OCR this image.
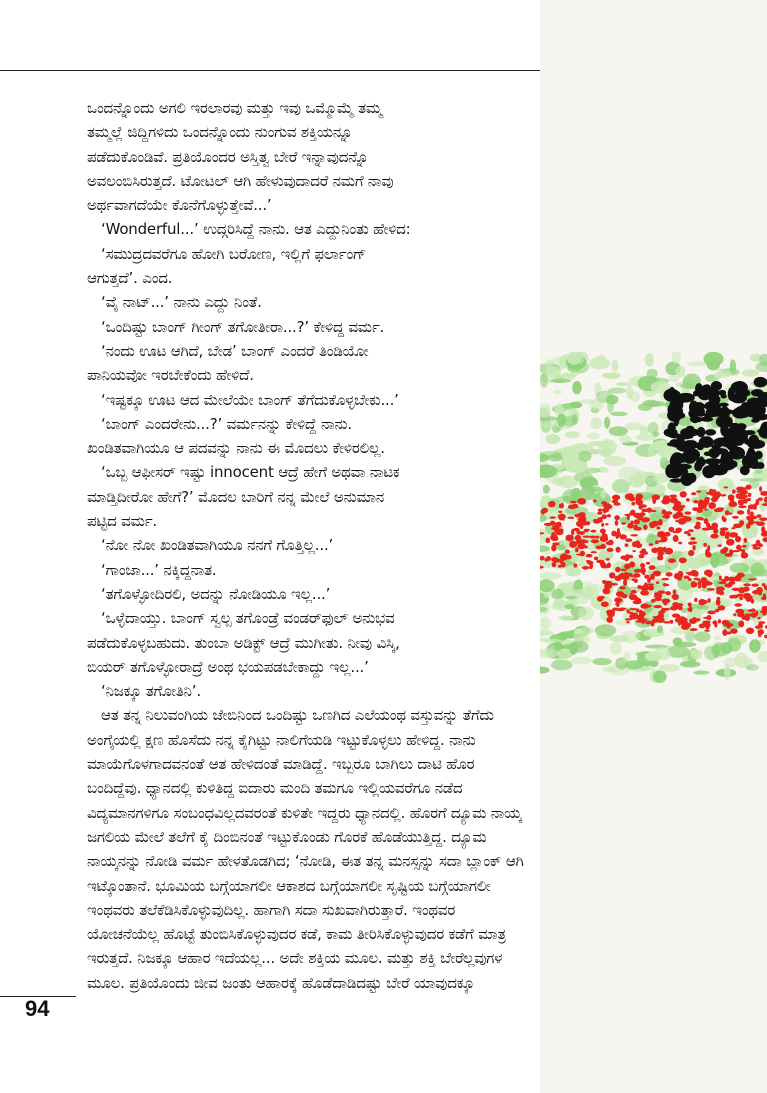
ಒಂದನ್ನೊಂದು ಅಗಲಿ ಇರಲಾರವು ಮತ್ತು ಇವು ಒಮ್ಮೊಮ್ಮೆ ತಮ್ಮ
ತಮ್ಮಲ್ಲೆ ಜಿದ್ದಿಗಳಿದು ಒಂದನ್ನೊಂದು ನುಂಗುವ ಶಕ್ತಿಯನ್ನೂ
ಪಡೆದುಕೊಂಡಿವೆ. ಪ್ರತಿಯೊಂದರ ಅಸ್ತಿತ್ವ ಬೇರೆ ಇನ್ನಾವುದನ್ನೊ
ಅವಲಂಬಿಸಿರುತ್ತದೆ. ಟೋಟಲ್ ಆಗಿ ಹೇಳುವುದಾದರೆ ನಮಗೆ ನಾವು
ಅರ್ಥವಾಗದೆಯೇ ಕೊನೆಗೊಳ್ಳುತ್ತೇವೆ...’
‘Wonderful...’ ಉದ್ಗರಿಸಿದ್ದೆ ನಾನು. ಆತ ಎದ್ದುನಿಂತು ಹೇಳಿದ:
‘ಸಮುದ್ರದವರೆಗೂ ಹೋಗಿ ಬರೋಣ, ಇಲ್ಲಿಗೆ ಫರ್ಲಾಂಗ್
ಆಗುತ್ತದೆ’. ಎಂದ.
‘ವೈ ನಾಟ್...’ ನಾನು ಎದ್ದು ನಿಂತೆ.
‘ಒಂದಿಷ್ಟು ಬಾಂಗ್ ಗೀಂಗ್ ತಗೋತೀರಾ...?’ ಕೇಳಿದ್ದ ವರ್ಮ.
‘ನಂದು ಊಟ ಆಗಿದೆ, ಬೇಡ’ ಬಾಂಗ್ ಎಂದರೆ ತಿಂಡಿಯೋ
ಪಾನಿಯವೋ ಇರಬೇಕೆಂದು ಹೇಳಿದೆ.
‘ಇಷ್ಟಕ್ಕೂ ಊಟ ಆದ ಮೇಲೆಯೇ ಬಾಂಗ್ ತೆಗೆದುಕೊಳ್ಳಬೇಕು...’
‘ಬಾಂಗ್ ಎಂದರೇನು...?’ ವರ್ಮನನ್ನು ಕೇಳಿದ್ದೆ ನಾನು.
ಖಂಡಿತವಾಗಿಯೂ ಆ ಪದವನ್ನು ನಾನು ಈ ಮೊದಲು ಕೇಳಿರಲಿಲ್ಲ.
‘ಒಬ್ಬ ಆಫೀಸರ್ ಇಷ್ಟು innocent ಆದ್ರೆ ಹೇಗೆ ಅಥವಾ ನಾಟಕ
ಮಾಡ್ತಿದೀರೋ ಹೇಗೆ?’ ಮೊದಲ ಬಾರಿಗೆ ನನ್ನ ಮೇಲೆ ಅನುಮಾನ
ಪಟ್ಟಿದ ವರ್ಮ.
‘ನೋ ನೋ ಖಂಡಿತವಾಗಿಯೂ ನನಗೆ ಗೊತ್ತಿಲ್ಲ...’
‘ಗಾಂಜಾ...’ ನಕ್ಕಿದ್ದನಾತ.
‘ತಗೊಳ್ಳೋದಿರಲಿ, ಅದನ್ನು ನೋಡಿಯೂ ಇಲ್ಲ...’
‘ಒಳ್ಳೆದಾಯ್ತು. ಬಾಂಗ್ ಸ್ವಲ್ಪ ತಗೊಂಡ್ರೆ ವಂಡರ್‌ಫುಲ್ ಅನುಭವ
ಪಡೆದುಕೊಳ್ಳಬಹುದು. ತುಂಬಾ ಅಡಿಕ್ಟ್ ಆದ್ರೆ ಮುಗೀತು. ನೀವು ವಿಸ್ಕಿ,
ಬಿಯರ್ ತಗೊಳ್ಳೋರಾದ್ರೆ ಅಂಥ ಭಯಪಡಬೇಕಾದ್ದು ಇಲ್ಲ...’
‘ನಿಜಕ್ಕೂ ತಗೋತಿನಿ’.
ಆತ ತನ್ನ ನಿಲುವಂಗಿಯ ಜೇಬಿನಿಂದ ಒಂದಿಷ್ಟು ಒಣಗಿದ ಎಲೆಯಂಥ ವಸ್ತುವನ್ನು ತೆಗೆದು
ಅಂಗೈಯಲ್ಲಿ ಕ್ಷಣ ಹೊಸೆದು ನನ್ನ ಕೈಗಿಟ್ಟು ನಾಲಿಗೆಯಡಿ ಇಟ್ಟುಕೊಳ್ಳಲು ಹೇಳಿದ್ದ. ನಾನು
ಮಾಯೆಗೊಳಗಾದವನಂತೆ ಆತ ಹೇಳಿದಂತೆ ಮಾಡಿದ್ದೆ. ಇಬ್ಬರೂ ಬಾಗಿಲು ದಾಟಿ ಹೊರ
ಬಂದಿದ್ದೆವು. ಧ್ಯಾನದಲ್ಲಿ ಕುಳಿತಿದ್ದ ಐದಾರು ಮಂದಿ ತಮಗೂ ಇಲ್ಲಿಯವರೆಗೂ ನಡೆದ
ವಿದ್ಯಮಾನಗಳಿಗೂ ಸಂಬಂಧವಿಲ್ಲದವರಂತೆ ಕುಳಿತೇ ಇದ್ದರು ಧ್ಯಾನದಲ್ಲಿ. ಹೊರಗೆ ದ್ಯೂಮ ನಾಯ್ಕ
ಜಗಲಿಯ ಮೇಲೆ ತಲೆಗೆ ಕೈ ದಿಂಬಿನಂತೆ ಇಟ್ಟುಕೊಂಡು ಗೊರಕೆ ಹೊಡೆಯುತ್ತಿದ್ದ. ದ್ಯೂಮ
ನಾಯ್ಕನನ್ನು ನೋಡಿ ವರ್ಮ ಹೇಳತೊಡಗಿದ; ‘ನೋಡಿ, ಈತ ತನ್ನ ಮನಸ್ಸನ್ನು ಸದಾ ಬ್ಲಾಂಕ್ ಆಗಿ
ಇಟ್ಕೊಂತಾನೆ. ಭೂಮಿಯ ಬಗ್ಗೆಯಾಗಲೀ ಆಕಾಶದ ಬಗ್ಗೆಯಾಗಲೀ ಸೃಷ್ಟಿಯ ಬಗ್ಗೆಯಾಗಲೀ
ಇಂಥವರು ತಲೆಕೆಡಿಸಿಕೊಳ್ಳುವುದಿಲ್ಲ. ಹಾಗಾಗಿ ಸದಾ ಸುಖವಾಗಿರುತ್ತಾರೆ. ಇಂಥವರ
ಯೋಚನೆಯೆಲ್ಲ ಹೊಟ್ಟೆ ತುಂಬಿಸಿಕೊಳ್ಳುವುದರ ಕಡೆ, ಕಾಮ ತೀರಿಸಿಕೊಳ್ಳುವುದರ ಕಡೆಗೆ ಮಾತ್ರ
ಇರುತ್ತದೆ. ನಿಜಕ್ಕೂ ಆಹಾರ ಇದೆಯಲ್ಲ... ಅದೇ ಶಕ್ತಿಯ ಮೂಲ. ಮತ್ತು ಶಕ್ತಿ ಬೇರೆಲ್ಲವುಗಳ
ಮೂಲ. ಪ್ರತಿಯೊಂದು ಜೀವ ಜಂತು ಆಹಾರಕ್ಕೆ ಹೊಡೆದಾಡಿದಷ್ಟು ಬೇರೆ ಯಾವುದಕ್ಕೂ
94
